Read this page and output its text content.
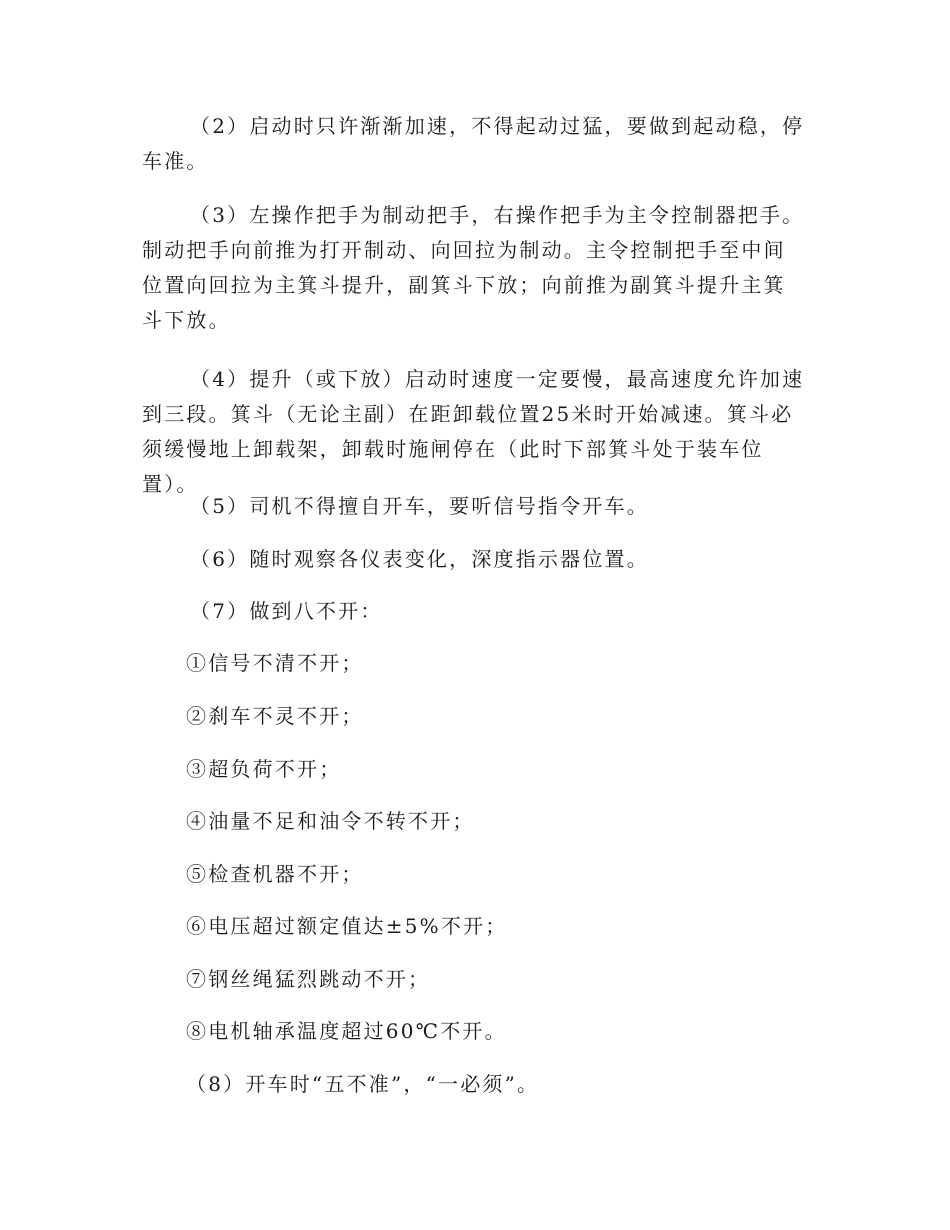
（2）启动时只许渐渐加速，不得起动过猛，要做到起动稳，停车准。

（3）左操作把手为制动把手，右操作把手为主令控制器把手。制动把手向前推为打开制动、向回拉为制动。主令控制把手至中间位置向回拉为主箕斗提升，副箕斗下放；向前推为副箕斗提升主箕斗下放。

（4）提升（或下放）启动时速度一定要慢，最高速度允许加速到三段。箕斗（无论主副）在距卸载位置25米时开始减速。箕斗必须缓慢地上卸载架，卸载时施闸停在（此时下部箕斗处于装车位置）。

（5）司机不得擅自开车，要听信号指令开车。

（6）随时观察各仪表变化，深度指示器位置。

（7）做到八不开：

①信号不清不开；

②刹车不灵不开；

③超负荷不开；

④油量不足和油令不转不开；

⑤检查机器不开；

⑥电压超过额定值达±5%不开；

⑦钢丝绳猛烈跳动不开；

⑧电机轴承温度超过60℃不开。

（8）开车时“五不准”，“一必须”。
